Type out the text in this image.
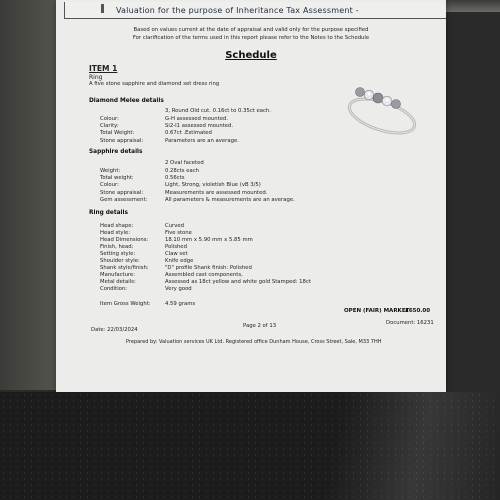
Valuation for the purpose of Inheritance Tax Assessment -
Based on values current at the date of appraisal and valid only for the purpose specified
For clarification of the terms used in this report please refer to the Notes to the Schedule
Schedule
ITEM 1
Ring
A five stone sapphire and diamond set dress ring
Diamond Melee details
3, Round Old cut. 0.16ct to 0.35ct each.
Colour:	G-H assessed mounted.
Clarity:	Si2-I1 assessed mounted.
Total Weight:	0.67ct .Estimated
Stone appraisal:	Parameters are an average.
Sapphire details
2 Oval faceted
Weight:	0.28cts each
Total weight:	0.56cts
Colour:	Light, Strong, violetish Blue (vB 3/5)
Stone appraisal:	Measurements are assessed mounted.
Gem assessment:	All parameters & measurements are an average.
Ring details
Head shape:	Curved
Head style:	Five stone
Head Dimensions:	18.10 mm x 5.90 mm x 5.85 mm
Finish, head:	Polished
Setting style:	Claw set
Shoulder style:	Knife edge
Shank style/finish:	"D" profile Shank finish: Polished
Manufacture:	Assembled cast components,
Metal details:	Assessed as 18ct yellow and white gold Stamped: 18ct
Condition:	Very good
Item Gross Weight:	4.59 grams
OPEN (FAIR) MARKET
£650.00
Document: 16231
Page 2 of 13
Date: 22/03/2024
Prepared by: Valuation services UK Ltd. Registered office Dunham House, Cross Street, Sale, M33 7HH
